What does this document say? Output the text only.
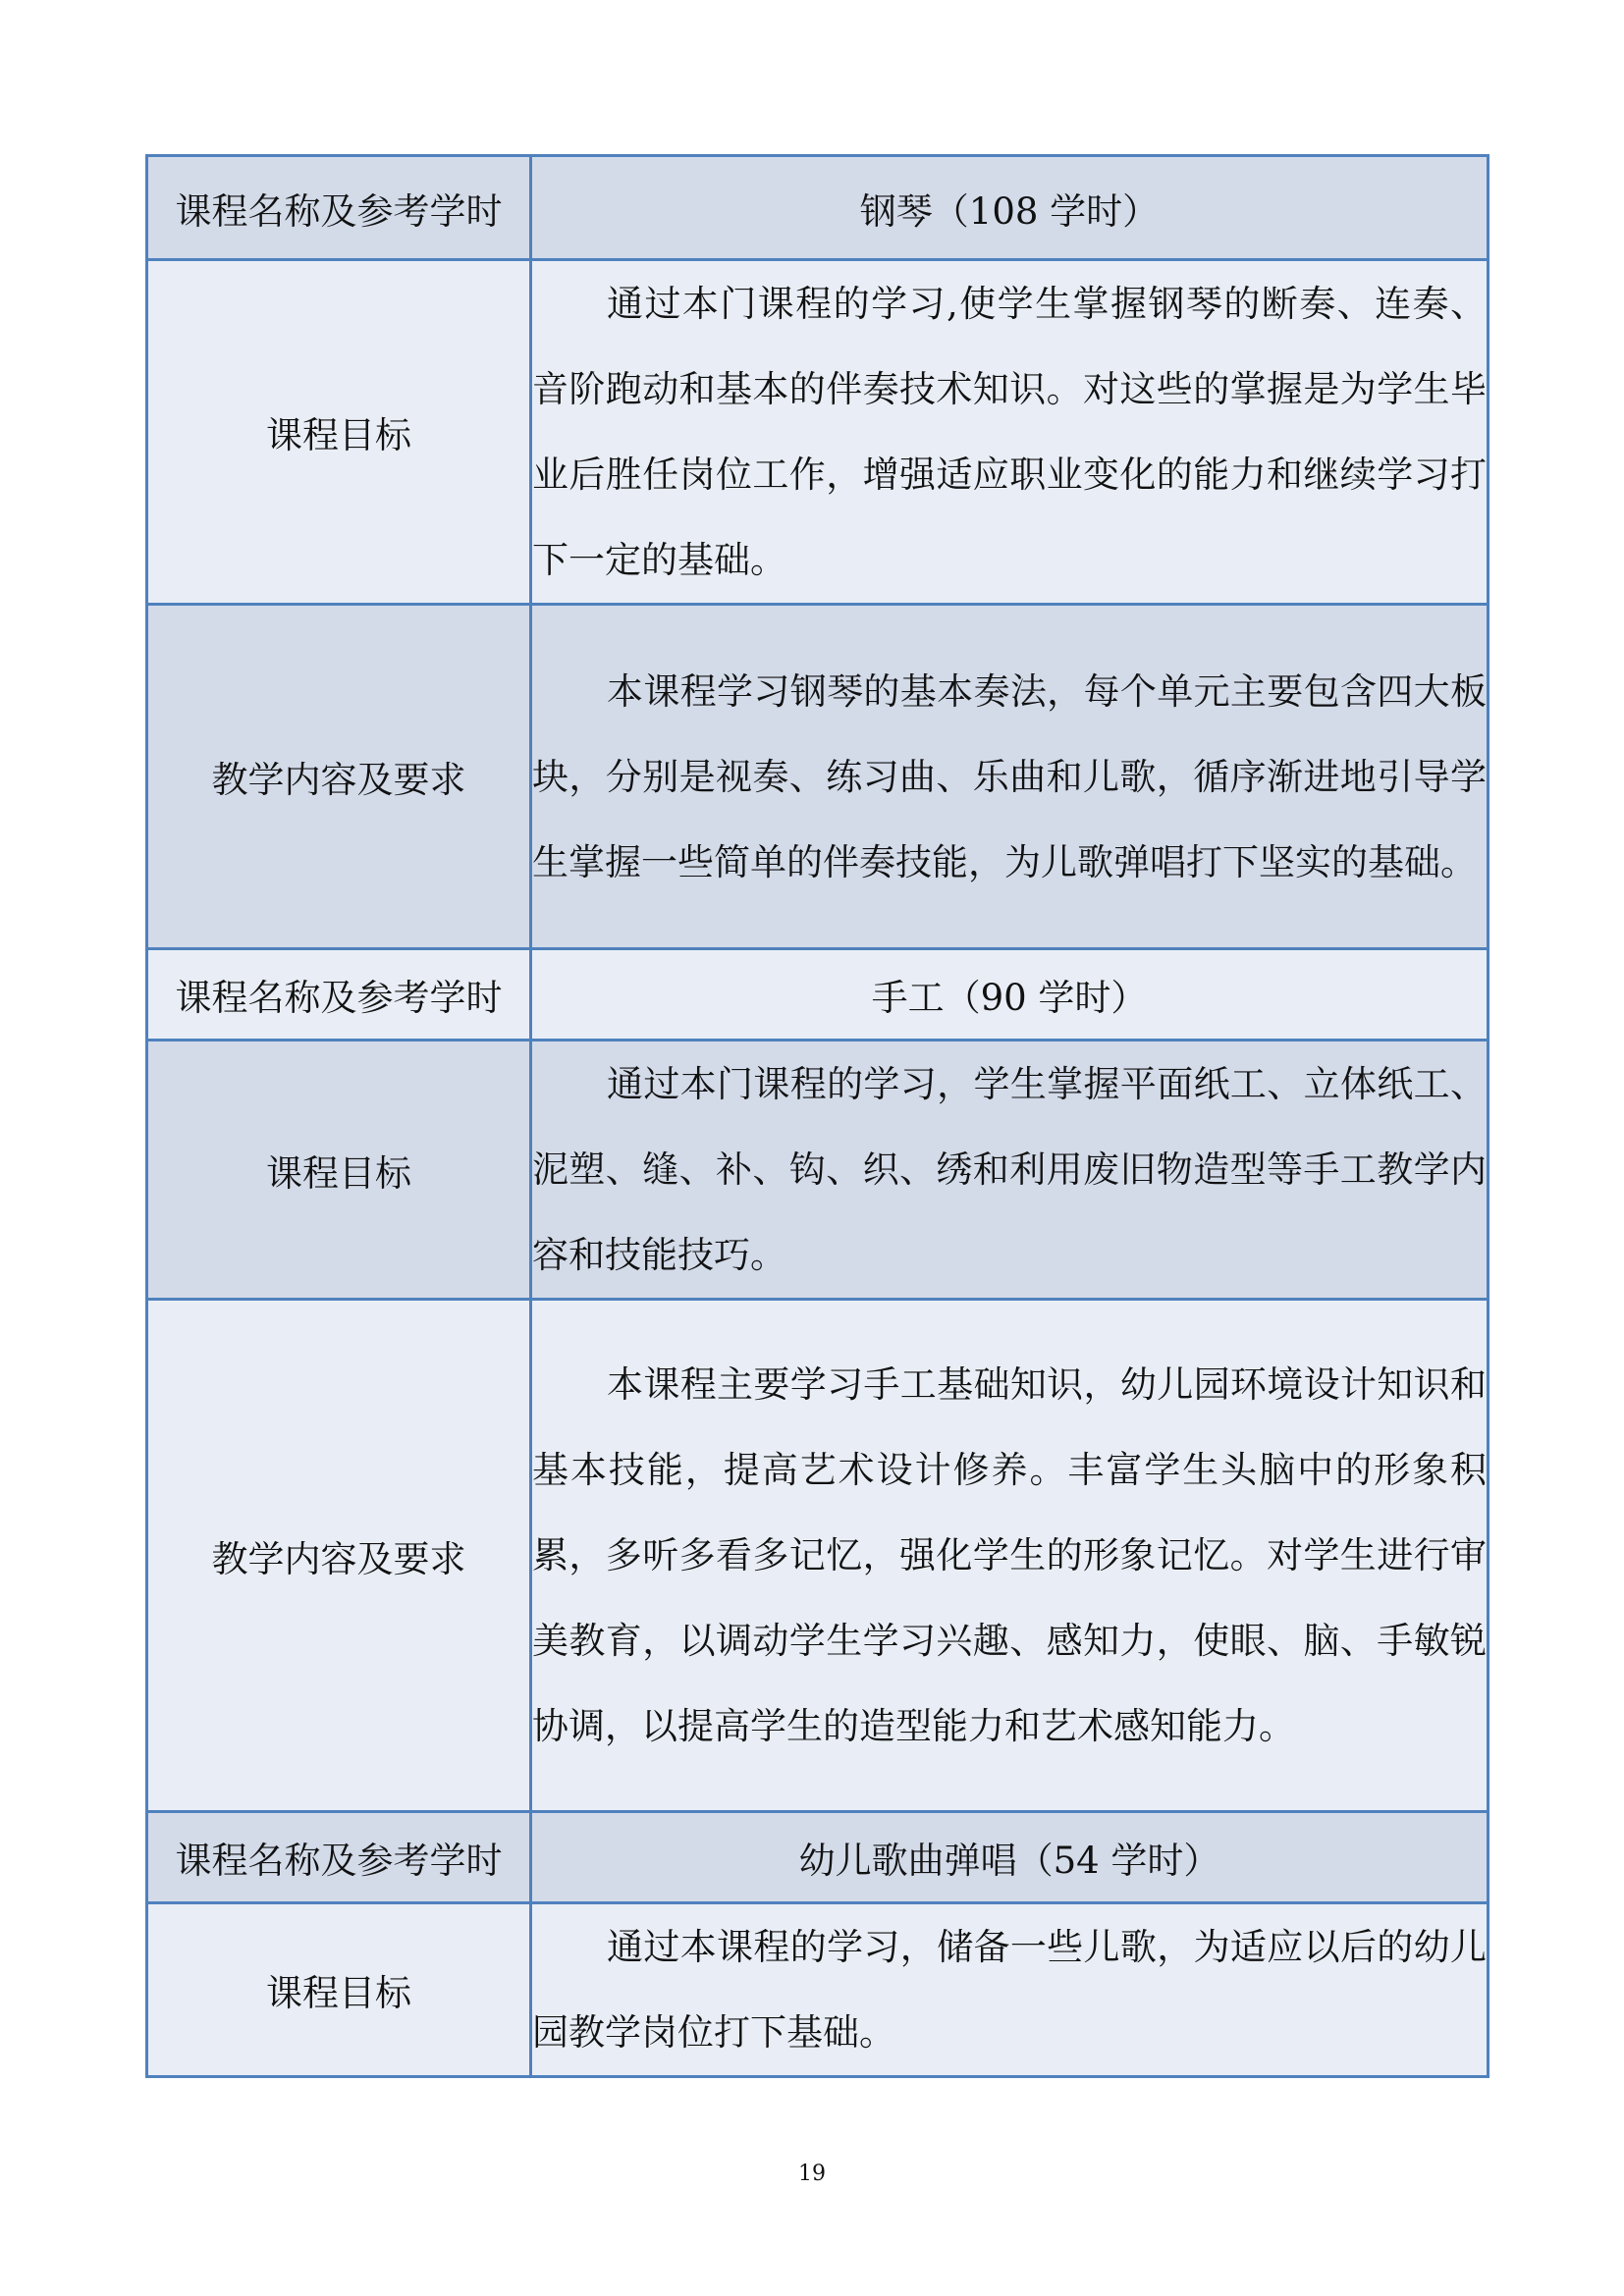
课程名称及参考学时	钢琴（108 学时）
课程目标	通过本门课程的学习,使学生掌握钢琴的断奏、连奏、音阶跑动和基本的伴奏技术知识。对这些的掌握是为学生毕业后胜任岗位工作，增强适应职业变化的能力和继续学习打下一定的基础。

教学内容及要求	本课程学习钢琴的基本奏法，每个单元主要包含四大板块，分别是视奏、练习曲、乐曲和儿歌，循序渐进地引导学生掌握一些简单的伴奏技能，为儿歌弹唱打下坚实的基础。

课程名称及参考学时	手工（90 学时）
课程目标	通过本门课程的学习，学生掌握平面纸工、立体纸工、泥塑、缝、补、钩、织、绣和利用废旧物造型等手工教学内容和技能技巧。

教学内容及要求	本课程主要学习手工基础知识，幼儿园环境设计知识和基本技能，提高艺术设计修养。丰富学生头脑中的形象积累，多听多看多记忆，强化学生的形象记忆。对学生进行审美教育，以调动学生学习兴趣、感知力，使眼、脑、手敏锐协调，以提高学生的造型能力和艺术感知能力。

课程名称及参考学时	幼儿歌曲弹唱（54 学时）
课程目标	通过本课程的学习，储备一些儿歌，为适应以后的幼儿园教学岗位打下基础。

19
